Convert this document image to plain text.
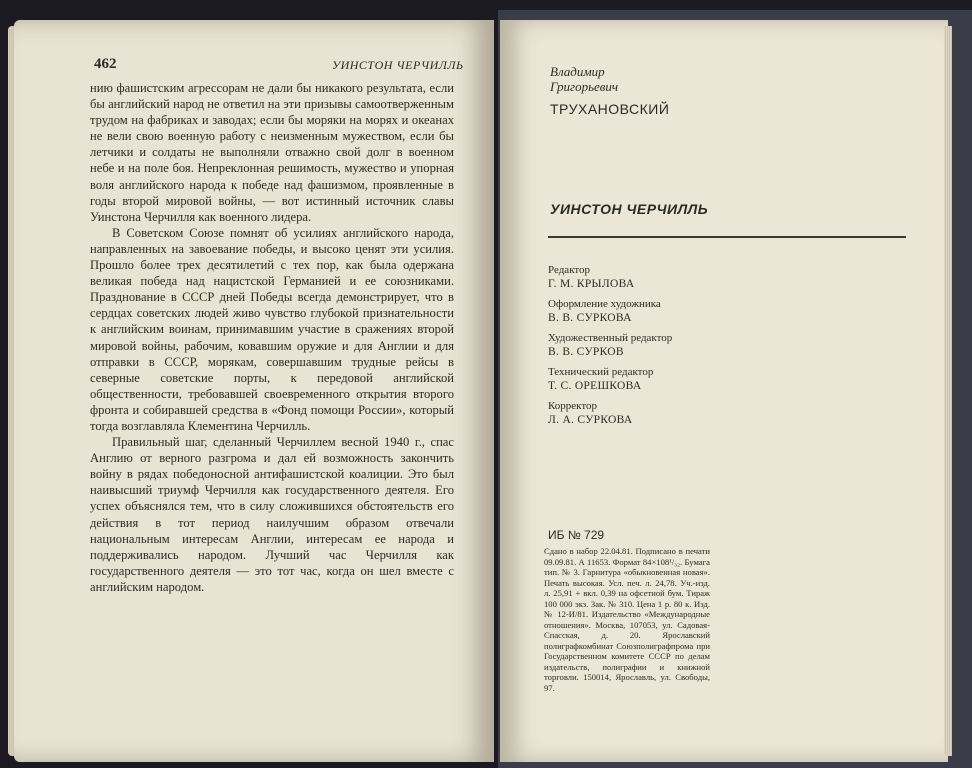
462	УИНСТОН ЧЕРЧИЛЛЬ

нию фашистским агрессорам не дали бы никакого результата, если бы английский народ не ответил на эти призывы самоотверженным трудом на фабриках и заводах; если бы моряки на морях и океанах не вели свою военную работу с неизменным мужеством, если бы летчики и солдаты не выполняли отважно свой долг в военном небе и на поле боя. Непреклонная решимость, мужество и упорная воля английского народа к победе над фашизмом, проявленные в годы второй мировой войны, — вот истинный источник славы Уинстона Черчилля как военного лидера.

В Советском Союзе помнят об усилиях английского народа, направленных на завоевание победы, и высоко ценят эти усилия. Прошло более трех десятилетий с тех пор, как была одержана великая победа над нацистской Германией и ее союзниками. Празднование в СССР дней Победы всегда демонстрирует, что в сердцах советских людей живо чувство глубокой признательности к английским воинам, принимавшим участие в сражениях второй мировой войны, рабочим, ковавшим оружие и для Англии и для отправки в СССР, морякам, совершавшим трудные рейсы в северные советские порты, к передовой английской общественности, требовавшей своевременного открытия второго фронта и собиравшей средства в «Фонд помощи России», который тогда возглавляла Клементина Черчилль.

Правильный шаг, сделанный Черчиллем весной 1940 г., спас Англию от верного разгрома и дал ей возможность закончить войну в рядах победоносной антифашистской коалиции. Это был наивысший триумф Черчилля как государственного деятеля. Его успех объяснялся тем, что в силу сложившихся обстоятельств его действия в тот период наилучшим образом отвечали национальным интересам Англии, интересам ее народа и поддерживались народом. Лучший час Черчилля как государственного деятеля — это тот час, когда он шел вместе с английским народом.

Владимир
Григорьевич
ТРУХАНОВСКИЙ
УИНСТОН ЧЕРЧИЛЛЬ
Редактор
Г. М. КРЫЛОВА
Оформление художника
В. В. СУРКОВА
Художественный редактор
В. В. СУРКОВ
Технический редактор
Т. С. ОРЕШКОВА
Корректор
Л. А. СУРКОВА
ИБ № 729
Сдано в набор 22.04.81. Подписано в печати 09.09.81. А 11653. Формат 84×108¹/₃₂. Бумага тип. № 3. Гарнитура «обыкновенная новая». Печать высокая. Усл. печ. л. 24,78. Уч.-изд. л. 25,91 + вкл. 0,39 на офсетной бум. Тираж 100 000 экз. Зак. № 310. Цена 1 р. 80 к. Изд. № 12-И/81. Издательство «Международные отношения». Москва, 107053, ул. Садовая-Спасская, д. 20. Ярославский полиграфкомбинат Союзполиграфпрома при Государственном комитете СССР по делам издательств, полиграфии и книжной торговли. 150014, Ярославль, ул. Свободы, 97.
